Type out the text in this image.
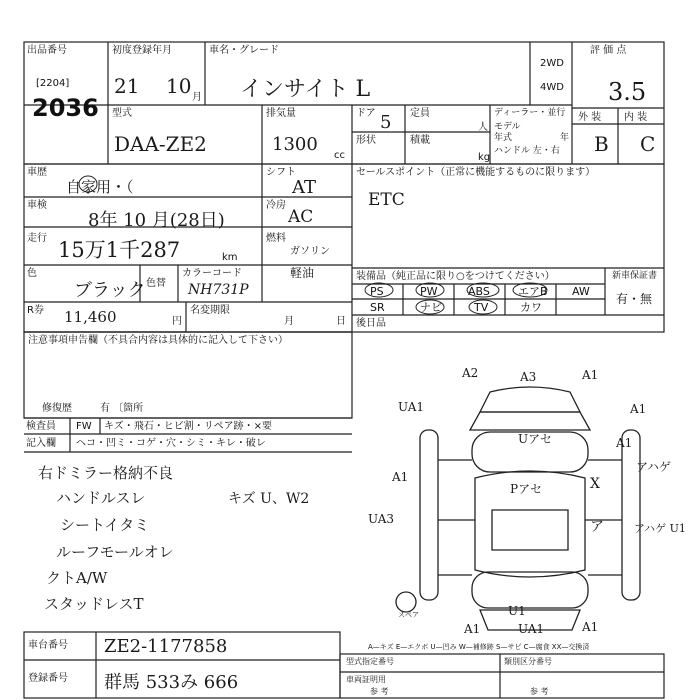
出品番号
[2204]
2036
初度登録年月
21 10 月
車名・グレード
インサイト L
2WD
4WD
評 価 点
3.5
外 装 内 装
B C
型式
DAA-ZE2
排気量
1300
cc
ドア 5
形状
定員
人
積載
kg
ディーラー・並行
モデル
年式	年
ハンドル 左・右
車歴
自家用・（
車検
8年 10 月(28日)
走行 15万1千287	km
色
ブラック 色替
カラーコード
NH731P
シフト
AT
冷房
AC
燃料
ガソリン
軽油
R券 11,460	円
名変期限
月	日
セールスポイント（正常に機能するものに限ります）
ETC
装備品（純正品に限り○をつけてください）	新車保証書
有・無
PS	PW	ABS	エアB AW
SR	ナビ	TV	カワ
後日品
注意事項申告欄（不具合内容は具体的に記入して下さい）
修復歴	有 〔箇所
検査員 FW キズ・飛石・ヒビ割・リペア跡・×要
記入欄 ヘコ・凹ミ・コゲ・穴・シミ・キレ・破レ
右ドミラー格納不良
ハンドルスレ
シートイタミ
ルーフモールオレ
クトA/W
スタッドレスT
キズ U、W2
A2	A3	A1
A1
UA1
A1
UA3
Uアセ	A1
Pアセ
アハゲ
X
ア	アハゲ U1
U1
A1	UA1	A1
スペア
A—キズ E—エクボ U—凹み W—補修跡 S—サビ C—腐食 XX—交換済
車台番号 ZE2-1177858
登録番号 群馬 533み 666
型式指定番号	類別区分番号
車両証明用
参 考	参 考
